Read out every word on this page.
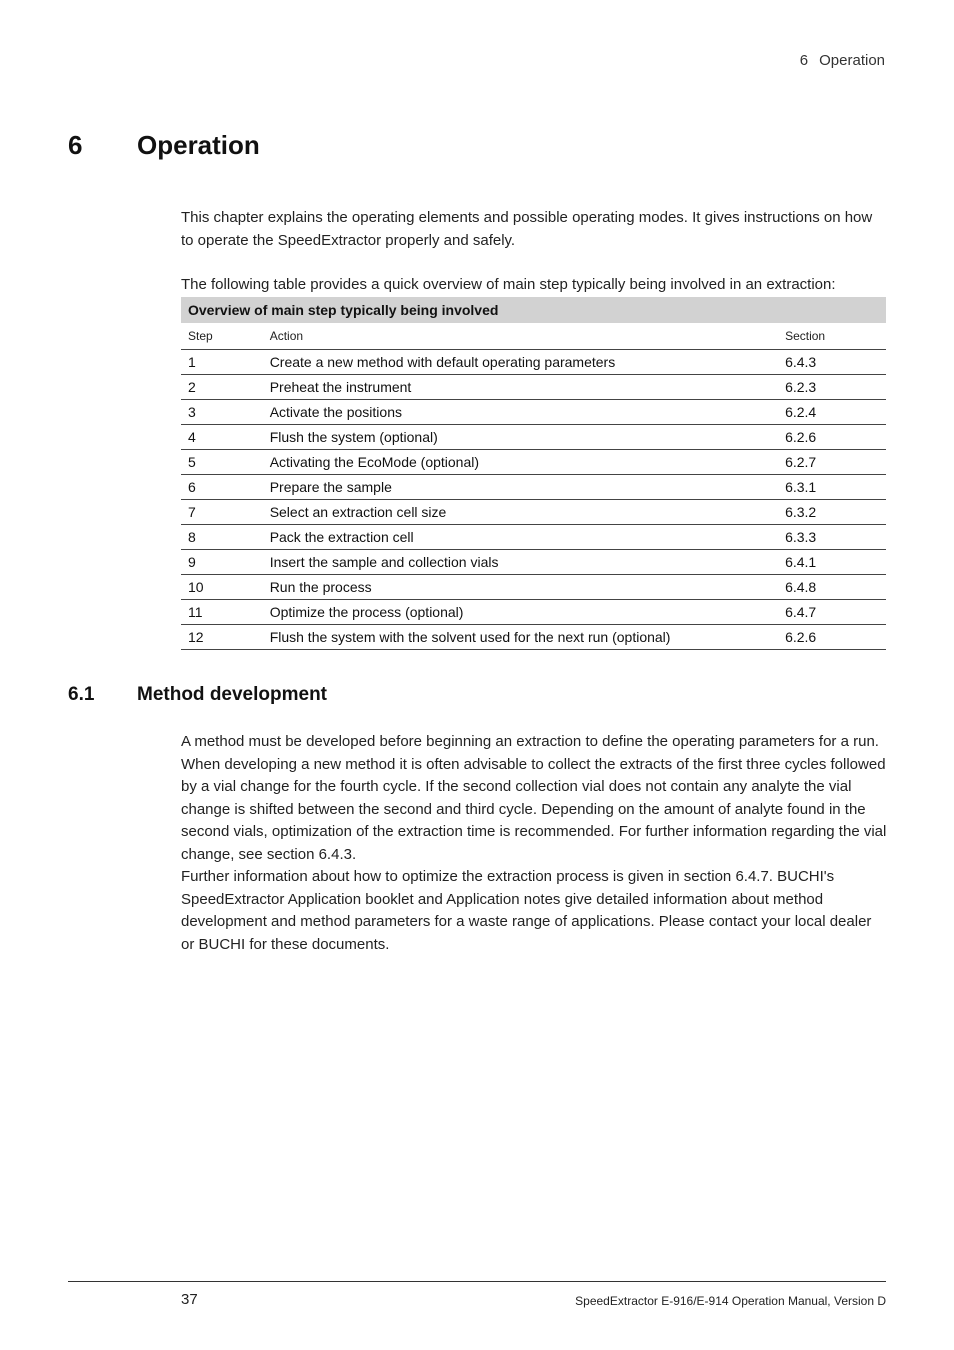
6 Operation
6 Operation
This chapter explains the operating elements and possible operating modes. It gives instructions on how to operate the SpeedExtractor properly and safely.
The following table provides a quick overview of main step typically being involved in an extraction:
Overview of main step typically being involved		
Step	Action	Section
1	Create a new method with default operating parameters	6.4.3
2	Preheat the instrument	6.2.3
3	Activate the positions	6.2.4
4	Flush the system (optional)	6.2.6
5	Activating the EcoMode (optional)	6.2.7
6	Prepare the sample	6.3.1
7	Select an extraction cell size	6.3.2
8	Pack the extraction cell	6.3.3
9	Insert the sample and collection vials	6.4.1
10	Run the process	6.4.8
11	Optimize the process (optional)	6.4.7
12	Flush the system with the solvent used for the next run (optional)	6.2.6
6.1 Method development

A method must be developed before beginning an extraction to define the operating parameters for a run. When developing a new method it is often advisable to collect the extracts of the first three cycles followed by a vial change for the fourth cycle. If the second collection vial does not contain any analyte the vial change is shifted between the second and third cycle. Depending on the amount of analyte found in the second vials, optimization of the extraction time is recommended. For further information regarding the vial change, see section 6.4.3.

Further information about how to optimize the extraction process is given in section 6.4.7. BUCHI's SpeedExtractor Application booklet and Application notes give detailed information about method development and method parameters for a waste range of applications. Please contact your local dealer or BUCHI for these documents.

37	SpeedExtractor E-916/E-914 Operation Manual, Version D
